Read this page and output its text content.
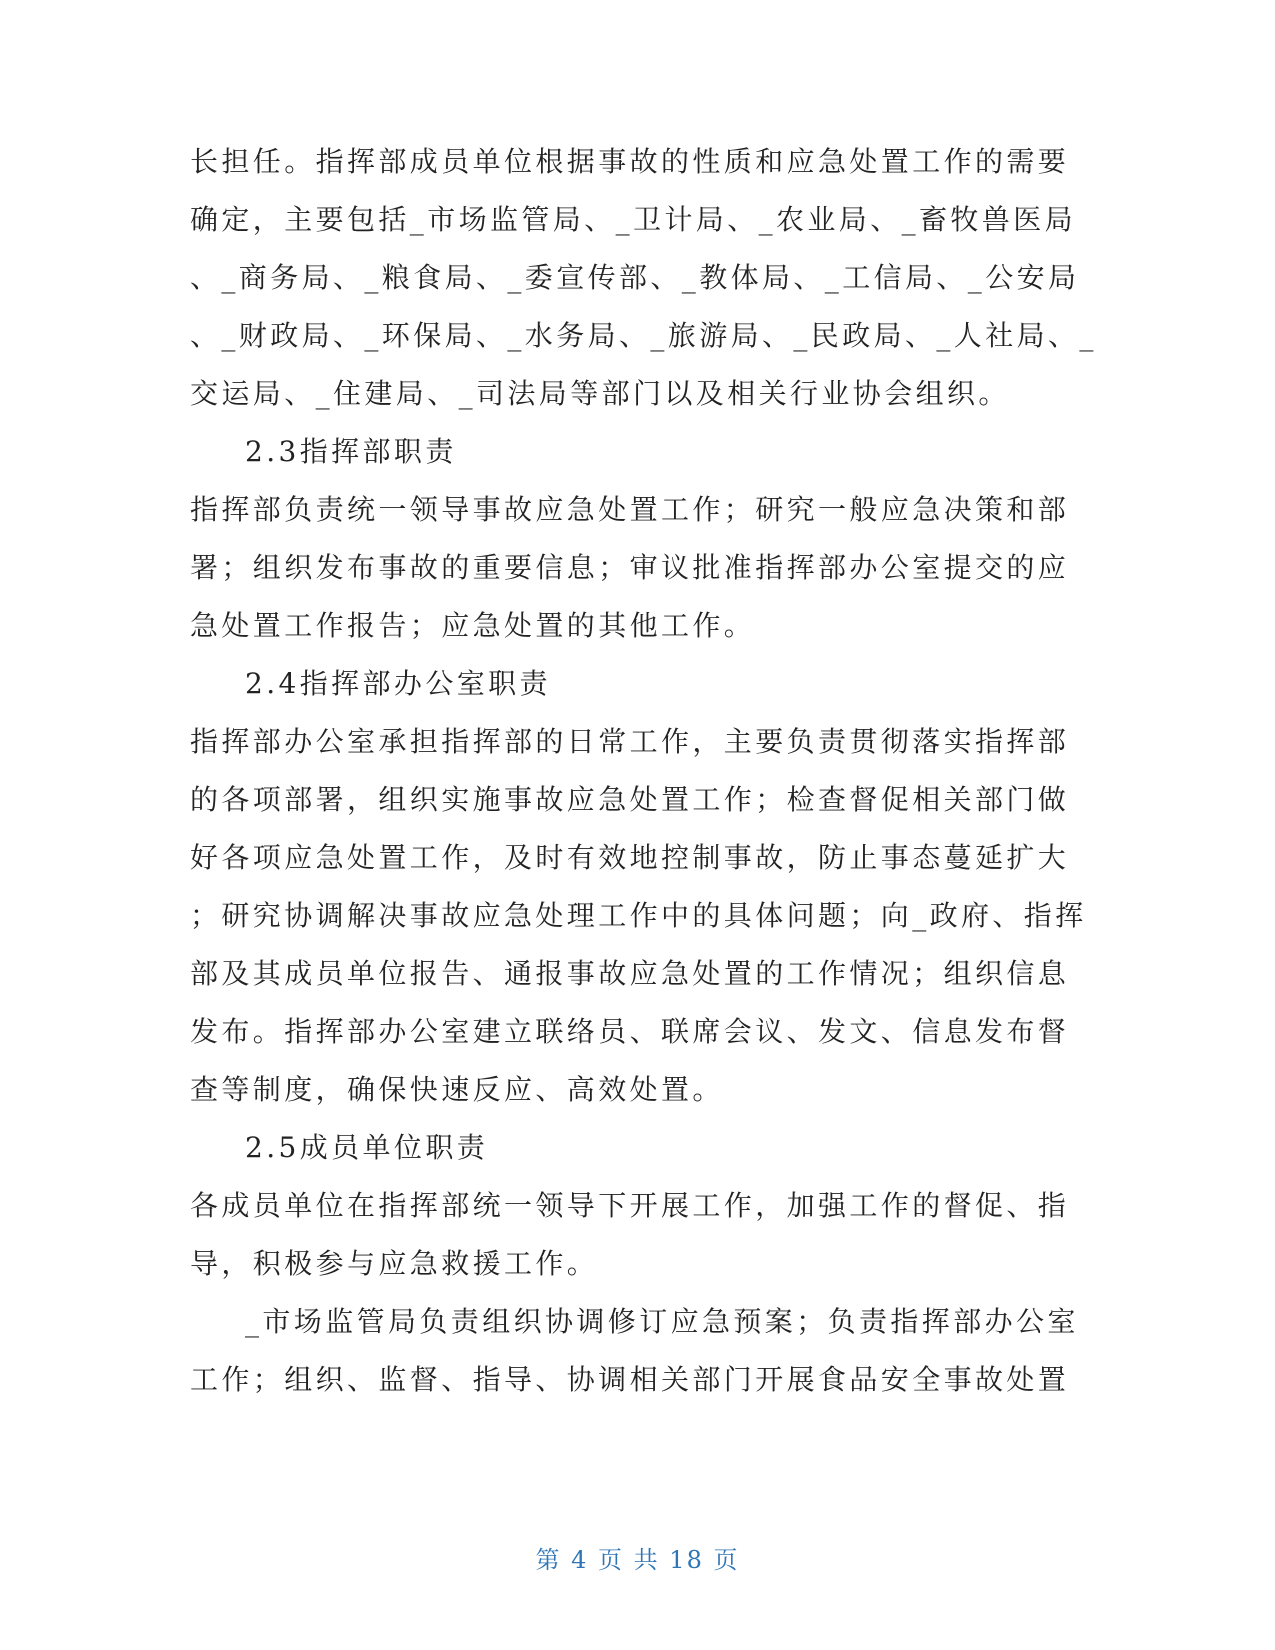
长担任。指挥部成员单位根据事故的性质和应急处置工作的需要
确定，主要包括_市场监管局、_卫计局、_农业局、_畜牧兽医局
、_商务局、_粮食局、_委宣传部、_教体局、_工信局、_公安局
、_财政局、_环保局、_水务局、_旅游局、_民政局、_人社局、_
交运局、_住建局、_司法局等部门以及相关行业协会组织。
2.3指挥部职责
指挥部负责统一领导事故应急处置工作；研究一般应急决策和部
署；组织发布事故的重要信息；审议批准指挥部办公室提交的应
急处置工作报告；应急处置的其他工作。
2.4指挥部办公室职责
指挥部办公室承担指挥部的日常工作，主要负责贯彻落实指挥部
的各项部署，组织实施事故应急处置工作；检查督促相关部门做
好各项应急处置工作，及时有效地控制事故，防止事态蔓延扩大
；研究协调解决事故应急处理工作中的具体问题；向_政府、指挥
部及其成员单位报告、通报事故应急处置的工作情况；组织信息
发布。指挥部办公室建立联络员、联席会议、发文、信息发布督
查等制度，确保快速反应、高效处置。
2.5成员单位职责
各成员单位在指挥部统一领导下开展工作，加强工作的督促、指
导，积极参与应急救援工作。
_市场监管局负责组织协调修订应急预案；负责指挥部办公室
工作；组织、监督、指导、协调相关部门开展食品安全事故处置
第 4 页 共 18 页
